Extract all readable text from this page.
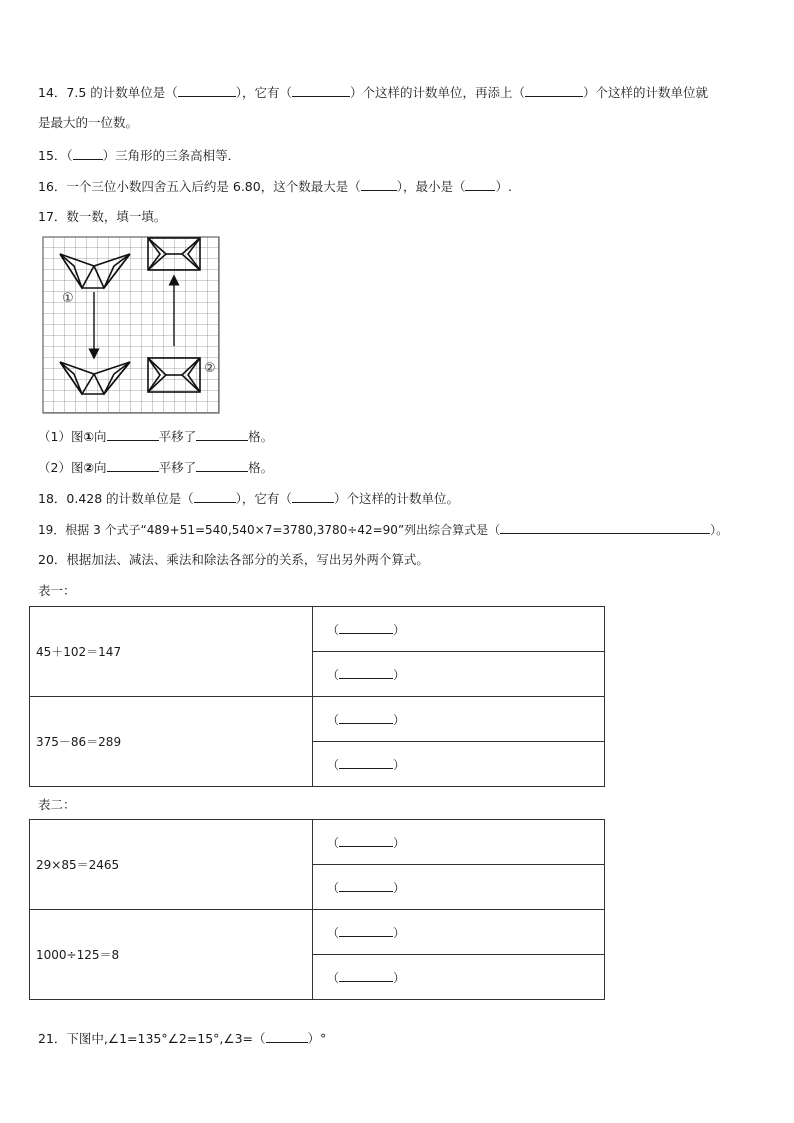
14．7.5 的计数单位是（	），它有（	）个这样的计数单位，再添上（	）个这样的计数单位就
是最大的一位数。
15．（ ）三角形的三条高相等．
16．一个三位小数四舍五入后约是 6.80，这个数最大是（	），最小是（ ）.
17．数一数，填一填。
①
②
（1）图①向	平移了	格。
（2）图②向	平移了	格。
18．0.428 的计数单位是（	），它有（	）个这样的计数单位。
19．根据 3 个式子“489+51=540,540×7=3780,3780÷42=90”列出综合算式是（	）。
20．根据加法、减法、乘法和除法各部分的关系，写出另外两个算式。
表一：
45＋102＝147	（ ）
	（ ）
375－86＝289	（ ）
	（ ）
表二：
29×85＝2465	（ ）
	（ ）
1000÷125＝8	（ ）
	（ ）
21．下图中,∠1=135°∠2=15°,∠3=（	）°
